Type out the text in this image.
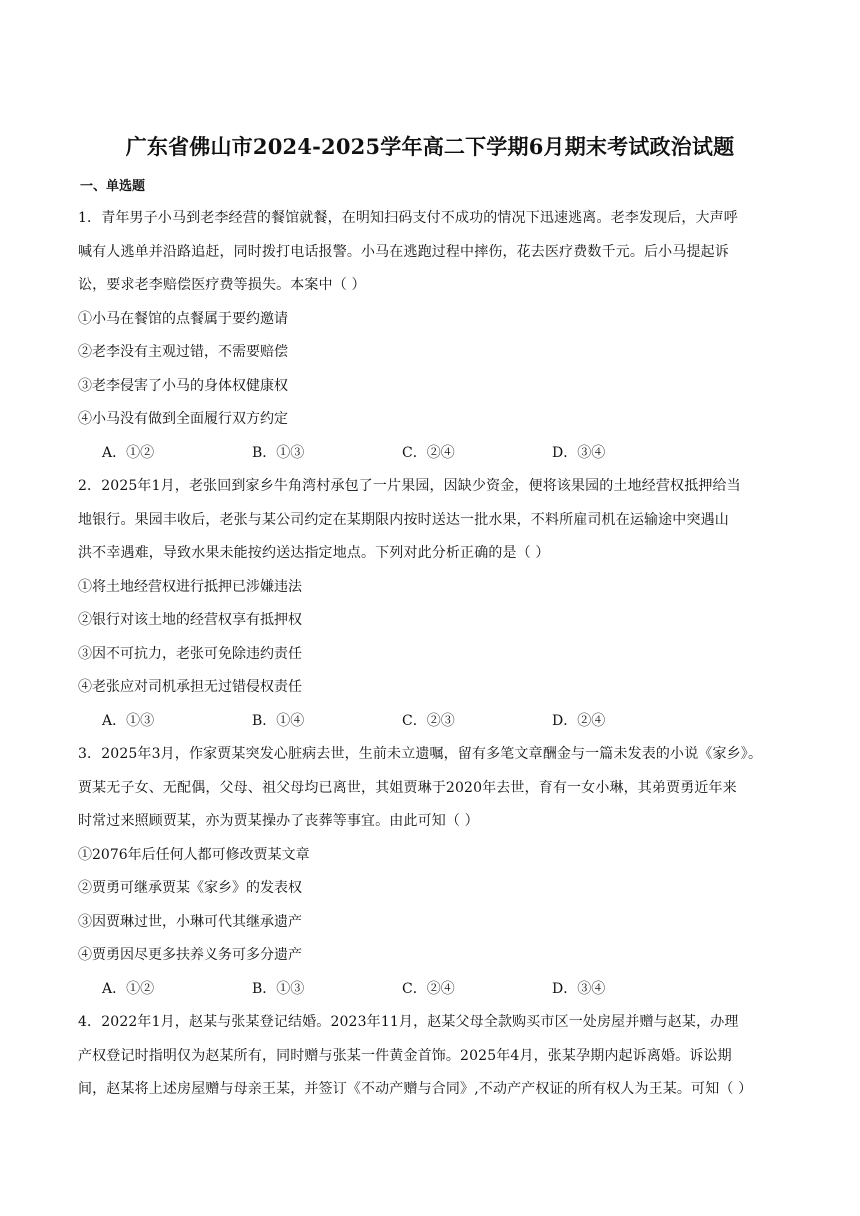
广东省佛山市2024-2025学年高二下学期6月期末考试政治试题
一、单选题

1．青年男子小马到老李经营的餐馆就餐，在明知扫码支付不成功的情况下迅速逃离。老李发现后，大声呼

喊有人逃单并沿路追赶，同时拨打电话报警。小马在逃跑过程中摔伤，花去医疗费数千元。后小马提起诉

讼，要求老李赔偿医疗费等损失。本案中（ ）

①小马在餐馆的点餐属于要约邀请

②老李没有主观过错，不需要赔偿

③老李侵害了小马的身体权健康权

④小马没有做到全面履行双方约定

A．①②	B．①③	C．②④	D．③④

2．2025年1月，老张回到家乡牛角湾村承包了一片果园，因缺少资金，便将该果园的土地经营权抵押给当

地银行。果园丰收后，老张与某公司约定在某期限内按时送达一批水果，不料所雇司机在运输途中突遇山

洪不幸遇难，导致水果未能按约送达指定地点。下列对此分析正确的是（ ）

①将土地经营权进行抵押已涉嫌违法

②银行对该土地的经营权享有抵押权

③因不可抗力，老张可免除违约责任

④老张应对司机承担无过错侵权责任

A．①③	B．①④	C．②③	D．②④

3．2025年3月，作家贾某突发心脏病去世，生前未立遗嘱，留有多笔文章酬金与一篇未发表的小说《家乡》。

贾某无子女、无配偶，父母、祖父母均已离世，其姐贾琳于2020年去世，育有一女小琳，其弟贾勇近年来

时常过来照顾贾某，亦为贾某操办了丧葬等事宜。由此可知（ ）

①2076年后任何人都可修改贾某文章

②贾勇可继承贾某《家乡》的发表权

③因贾琳过世，小琳可代其继承遗产

④贾勇因尽更多扶养义务可多分遗产

A．①②	B．①③	C．②④	D．③④

4．2022年1月，赵某与张某登记结婚。2023年11月，赵某父母全款购买市区一处房屋并赠与赵某，办理

产权登记时指明仅为赵某所有，同时赠与张某一件黄金首饰。2025年4月，张某孕期内起诉离婚。诉讼期

间，赵某将上述房屋赠与母亲王某，并签订《不动产赠与合同》,不动产产权证的所有权人为王某。可知（ ）
